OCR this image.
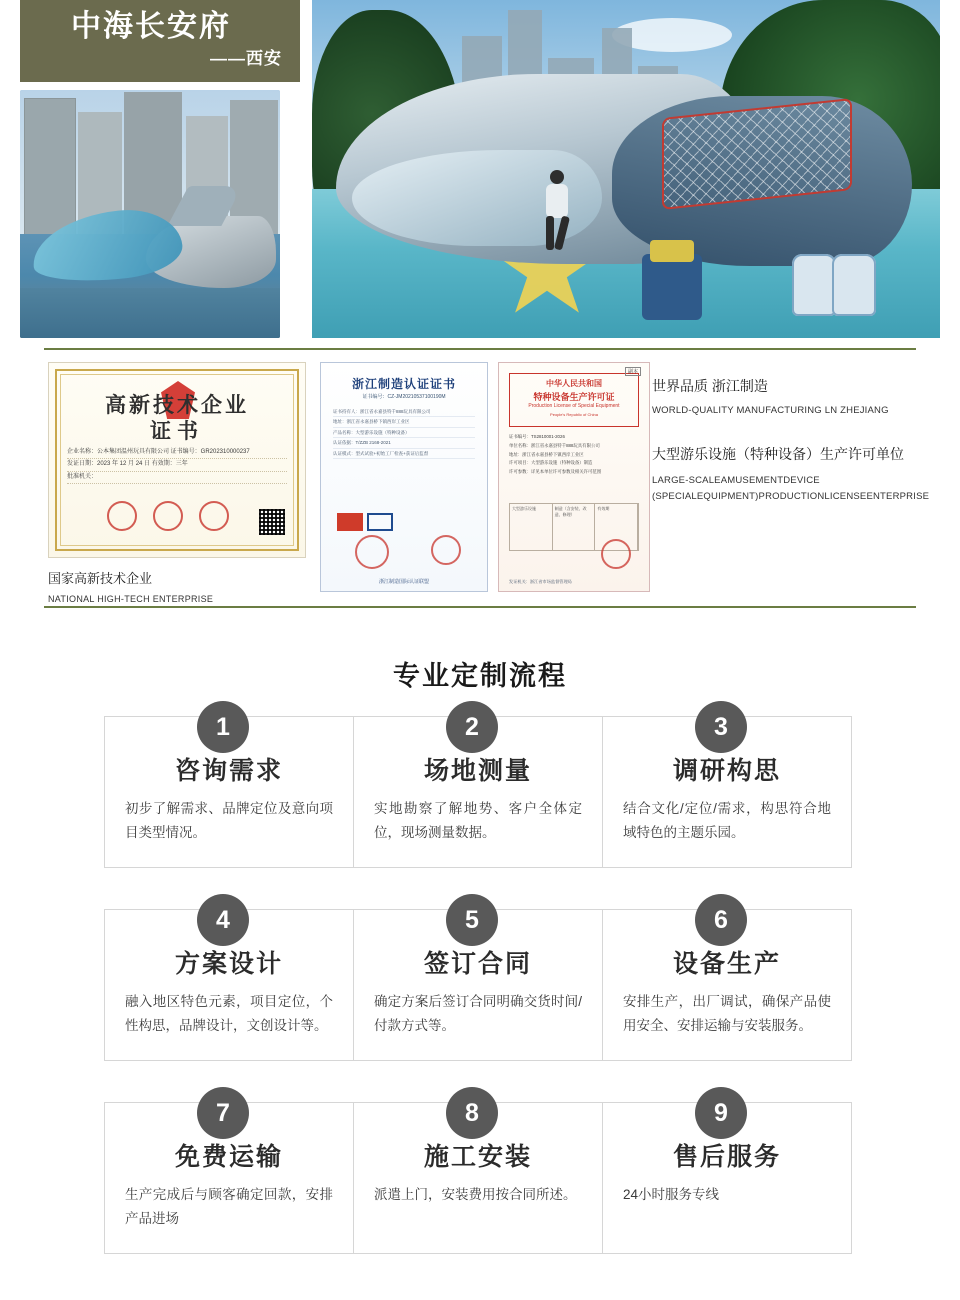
中海长安府
——西安
高新技术企业
证书
企业名称：公本集团温州玩具有限公司 证书编号：GR202310000237
发证日期：2023 年 12 月 24 日 有效期：三年
批准机关：
国家高新技术企业
NATIONAL HIGH-TECH ENTERPRISE
浙江制造认证证书
证书编号：CZ-JM20210537100190M
证书持有人：浙江省永嘉县特千888玩具有限公司
地址：浙江省永嘉县桥下镇西岸工业区
产品名称：大型游乐设施（特种设备）
认证依据：T/ZZB 2168-2021
认证模式：型式试验+初始工厂检查+获证后监督
浙江制造国际认证联盟
中华人民共和国
特种设备生产许可证
Production License of Special Equipment
People's Republic of China
副本
证书编号：TS2810001-2026
单位名称：浙江省永嘉县特千888玩具有限公司
地址：浙江省永嘉县桥下镇西岸工业区
许可项目：大型游乐设施（特种设备）制造
许可参数：详见本单位许可参数及相关许可范围
大型游乐设施	制造（含安装、改造、修理）
有效期
发证机关：浙江省市场监督管理局
世界品质 浙江制造
WORLD-QUALITY MANUFACTURING LN ZHEJIANG
大型游乐设施（特种设备）生产许可单位
LARGE-SCALEAMUSEMENTDEVICE
(SPECIALEQUIPMENT)PRODUCTIONLICENSEENTERPRISE
专业定制流程
1
咨询需求
初步了解需求、品牌定位及意向项目类型情况。
2
场地测量
实地勘察了解地势、客户全体定位，现场测量数据。
3
调研构思
结合文化/定位/需求，构思符合地域特色的主题乐园。
4
方案设计
融入地区特色元素，项目定位，个性构思，品牌设计，文创设计等。
5
签订合同
确定方案后签订合同明确交货时间/付款方式等。
6
设备生产
安排生产，出厂调试，确保产品使用安全、安排运输与安装服务。
7
免费运输
生产完成后与顾客确定回款，安排产品进场
8
施工安装
派遣上门，安装费用按合同所述。
9
售后服务
24小时服务专线
